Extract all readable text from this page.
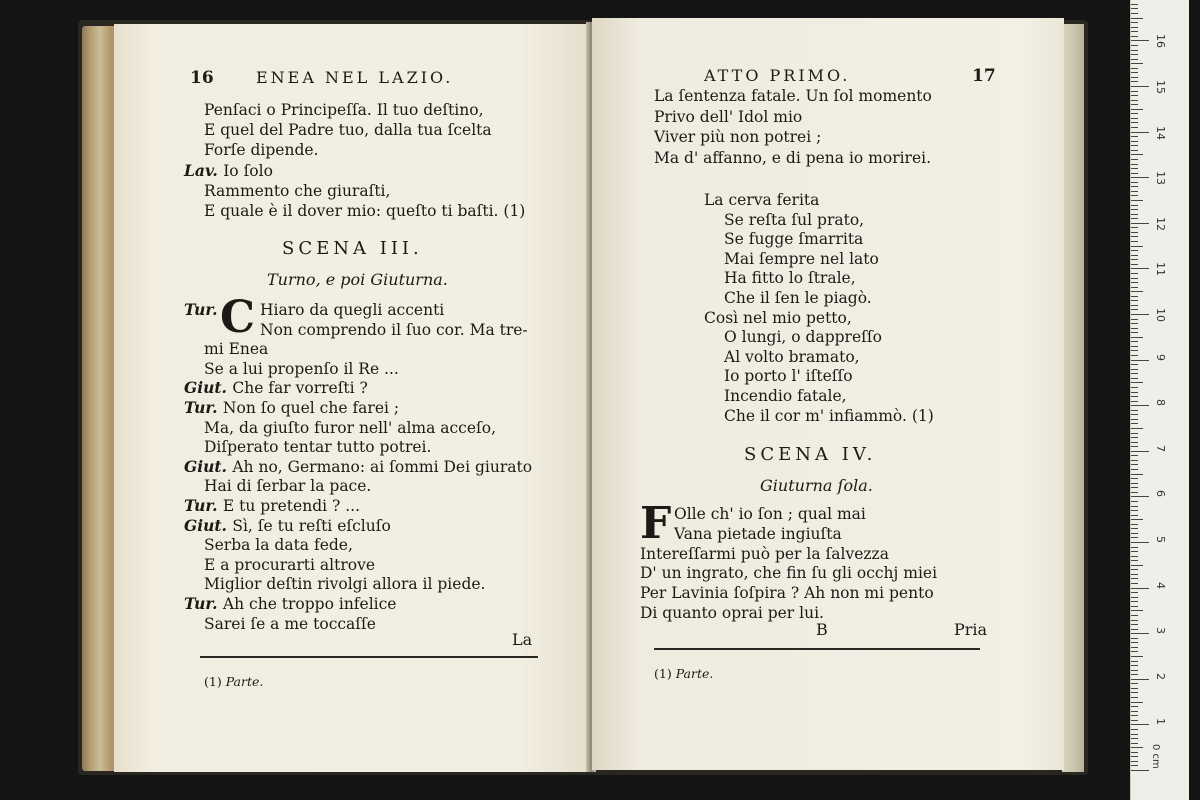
16	ENEA NEL LAZIO.
Penſaci o Principeſſa. Il tuo deſtino,
E quel del Padre tuo, dalla tua ſcelta
Forſe dipende.
Lav. Io ſolo
Rammento che giuraſti,
E quale è il dover mio: queſto ti baſti. (1)
SCENA III.
Turno, e poi Giuturna.
Tur. C Hiaro da quegli accenti
Non comprendo il ſuo cor. Ma tre-
mi Enea
Se a lui propenſo il Re ...
Giut. Che far vorreſti ?
Tur. Non ſo quel che farei ;
Ma, da giuſto furor nell' alma acceſo,
Diſperato tentar tutto potrei.
Giut. Ah no, Germano: ai ſommi Dei giurato
Hai di ſerbar la pace.
Tur. E tu pretendi ? ...
Giut. Sì, ſe tu reſti eſcluſo
Serba la data fede,
E a procurarti altrove
Miglior deſtin rivolgi allora il piede.
Tur. Ah che troppo infelice
Sarei ſe a me toccaſſe
La
(1) Parte.
ATTO PRIMO.	17
La ſentenza fatale. Un ſol momento
Privo dell' Idol mio
Viver più non potrei ;
Ma d' affanno, e di pena io morirei.
La cerva ferita
Se reſta ſul prato,
Se fugge ſmarrita
Mai ſempre nel lato
Ha fitto lo ſtrale,
Che il ſen le piagò.
Così nel mio petto,
O lungi, o dappreſſo
Al volto bramato,
Io porto l' iſteſſo
Incendio fatale,
Che il cor m' infiammò. (1)
SCENA IV.
Giuturna ſola.
F Olle ch' io ſon ; qual mai
Vana pietade ingiuſta
Intereſſarmi può per la ſalvezza
D' un ingrato, che fin ſu gli occhj miei
Per Lavinia ſoſpira ? Ah non mi pento
Di quanto oprai per lui.
B	Pria
(1) Parte.
0 cm
1
2
3
4
5
6
7
8
9
10
11
12
13
14
15
16
